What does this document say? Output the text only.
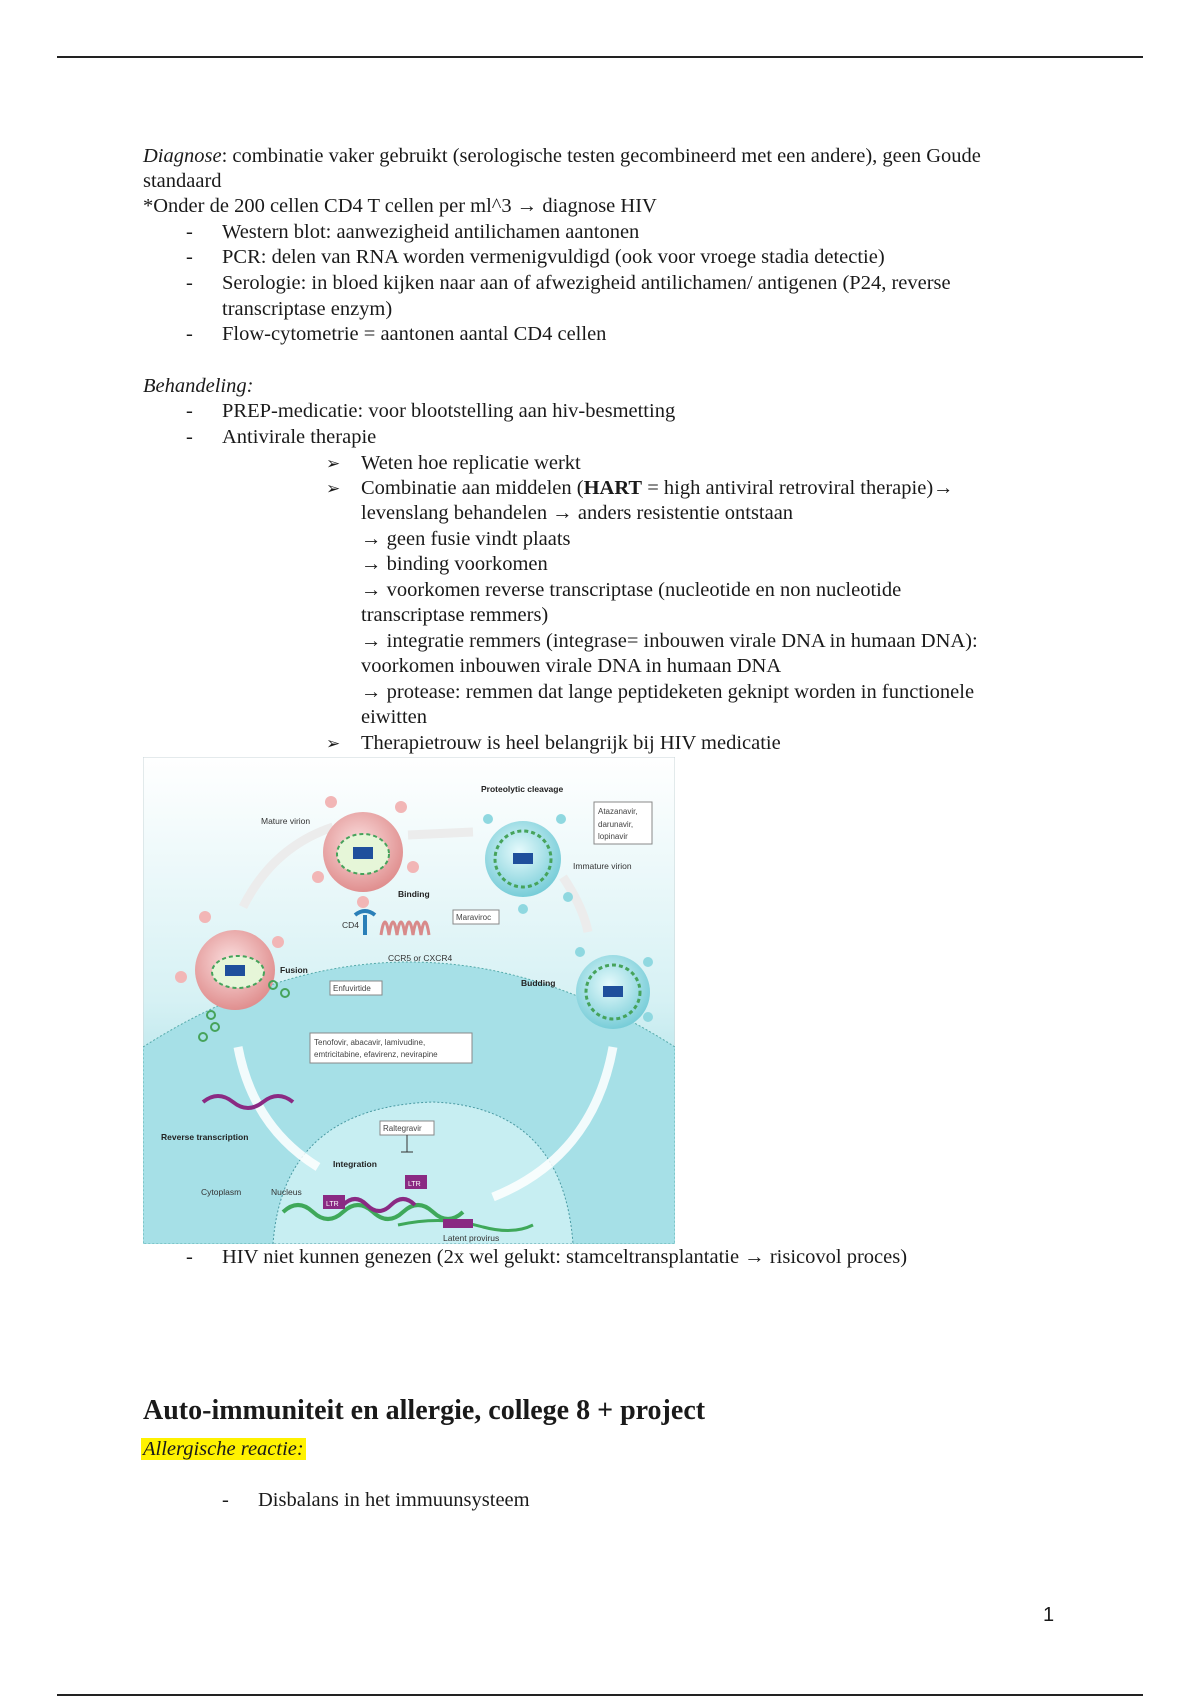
Diagnose: combinatie vaker gebruikt (serologische testen gecombineerd met een andere), geen Goude
standaard
*Onder de 200 cellen CD4 T cellen per ml^3 → diagnose HIV
- Western blot: aanwezigheid antilichamen aantonen
- PCR: delen van RNA worden vermenigvuldigd (ook voor vroege stadia detectie)
- Serologie: in bloed kijken naar aan of afwezigheid antilichamen/ antigenen (P24, reverse
transcriptase enzym)
- Flow-cytometrie = aantonen aantal CD4 cellen
Behandeling:
- PREP-medicatie: voor blootstelling aan hiv-besmetting
- Antivirale therapie
➢ Weten hoe replicatie werkt
➢ Combinatie aan middelen (HART = high antiviral retroviral therapie)→
levenslang behandelen → anders resistentie ontstaan
→ geen fusie vindt plaats
→ binding voorkomen
→ voorkomen reverse transcriptase (nucleotide en non nucleotide
transcriptase remmers)
→ integratie remmers (integrase= inbouwen virale DNA in humaan DNA):
voorkomen inbouwen virale DNA in humaan DNA
→ protease: remmen dat lange peptideketen geknipt worden in functionele
eiwitten
➢ Therapietrouw is heel belangrijk bij HIV medicatie
Mature virion
Proteolytic cleavage
Atazanavir,
darunavir,
lopinavir
Immature virion
Binding
Maraviroc
CD4
CCR5 or CXCR4
Fusion
Enfuvirtide
Budding
Tenofovir, abacavir, lamivudine,
emtricitabine, efavirenz, nevirapine
Reverse transcription
Raltegravir
Integration
Cytoplasm	Nucleus
LTR
LTR
Latent provirus
- HIV niet kunnen genezen (2x wel gelukt: stamceltransplantatie → risicovol proces)
Auto-immuniteit en allergie, college 8 + project
Allergische reactie:
- Disbalans in het immuunsysteem
1
